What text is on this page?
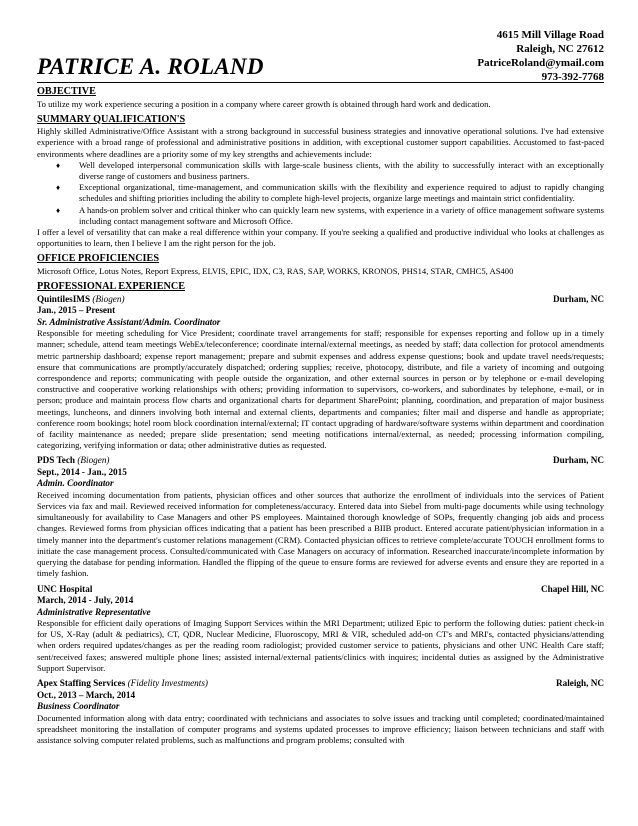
4615 Mill Village Road
Raleigh, NC 27612
PatriceRoland@ymail.com
973-392-7768
PATRICE A. ROLAND
OBJECTIVE

To utilize my work experience securing a position in a company where career growth is obtained through hard work and dedication.

SUMMARY QUALIFICATION'S

Highly skilled Administrative/Office Assistant with a strong background in successful business strategies and innovative operational solutions. I've had extensive experience with a broad range of professional and administrative positions in addition, with exceptional customer support capabilities. Accustomed to fast-paced environments where deadlines are a priority some of my key strengths and achievements include:

♦ Well developed interpersonal communication skills with large-scale business clients, with the ability to successfully interact with an exceptionally diverse range of customers and business partners.
♦ Exceptional organizational, time-management, and communication skills with the flexibility and experience required to adjust to rapidly changing schedules and shifting priorities including the ability to complete high-level projects, organize large meetings and maintain strict confidentiality.
♦ A hands-on problem solver and critical thinker who can quickly learn new systems, with experience in a variety of office management software systems including contact management software and Microsoft Office.

I offer a level of versatility that can make a real difference within your company. If you're seeking a qualified and productive individual who looks at challenges as opportunities to learn, then I believe I am the right person for the job.

OFFICE PROFICIENCIES

Microsoft Office, Lotus Notes, Report Express, ELVIS, EPIC, IDX, C3, RAS, SAP, WORKS, KRONOS, PHS14, STAR, CMHC5, AS400

PROFESSIONAL EXPERIENCE
QuintilesIMS (Biogen)	Durham, NC
Jan., 2015 – Present
Sr. Administrative Assistant/Admin. Coordinator

Responsible for meeting scheduling for Vice President; coordinate travel arrangements for staff; responsible for expenses reporting and follow up in a timely manner; schedule, attend team meetings WebEx/teleconference; coordinate internal/external meetings, as needed by staff; data collection for protocol amendments metric partnership dashboard; expense report management; prepare and submit expenses and address expense questions; book and update travel needs/requests; ensure that communications are promptly/accurately dispatched; ordering supplies; receive, photocopy, distribute, and file a variety of incoming and outgoing correspondence and reports; communicating with people outside the organization, and other external sources in person or by telephone or e-mail developing constructive and cooperative working relationships with others; providing information to supervisors, co-workers, and subordinates by telephone, e-mail, or in person; produce and maintain process flow charts and organizational charts for department SharePoint; planning, coordination, and preparation of major business meetings, luncheons, and dinners involving both internal and external clients, departments and companies; filter mail and disperse and handle as appropriate; conference room bookings; hotel room block coordination internal/external; IT contact upgrading of hardware/software systems within department and coordination of facility maintenance as needed; prepare slide presentation; send meeting notifications internal/external, as needed; processing information compiling, categorizing, verifying information or data; other administrative duties as requested.

PDS Tech (Biogen)	Durham, NC
Sept., 2014 - Jan., 2015
Admin. Coordinator

Received incoming documentation from patients, physician offices and other sources that authorize the enrollment of individuals into the services of Patient Services via fax and mail. Reviewed received information for completeness/accuracy. Entered data into Siebel from multi-page documents while using technology simultaneously for availability to Case Managers and other PS employees. Maintained thorough knowledge of SOPs, frequently changing job aids and process changes. Reviewed forms from physician offices indicating that a patient has been prescribed a BIIB product. Entered accurate patient/physician information in a timely manner into the department's customer relations management (CRM). Contacted physician offices to retrieve complete/accurate TOUCH enrollment forms to initiate the case management process. Consulted/communicated with Case Managers on accuracy of information. Researched inaccurate/incomplete information by querying the database for pending information. Handled the flipping of the queue to ensure forms are reviewed for adverse events and ensure they are reported in a timely fashion.

UNC Hospital	Chapel Hill, NC
March, 2014 - July, 2014
Administrative Representative

Responsible for efficient daily operations of Imaging Support Services within the MRI Department; utilized Epic to perform the following duties: patient check-in for US, X-Ray (adult & pediatrics), CT, QDR, Nuclear Medicine, Fluoroscopy, MRI & VIR, scheduled add-on CT's and MRI's, contacted physicians/attending when orders required updates/changes as per the reading room radiologist; provided customer service to patients, physicians and other UNC Health Care staff; sent/received faxes; answered multiple phone lines; assisted internal/external patients/clinics with inquires; incidental duties as assigned by the Administrative Support Supervisor.

Apex Staffing Services (Fidelity Investments)	Raleigh, NC
Oct., 2013 – March, 2014
Business Coordinator

Documented information along with data entry; coordinated with technicians and associates to solve issues and tracking until completed; coordinated/maintained spreadsheet monitoring the installation of computer programs and systems updated processes to improve efficiency; liaison between technicians and staff with assistance solving computer related problems, such as malfunctions and program problems; consulted with
